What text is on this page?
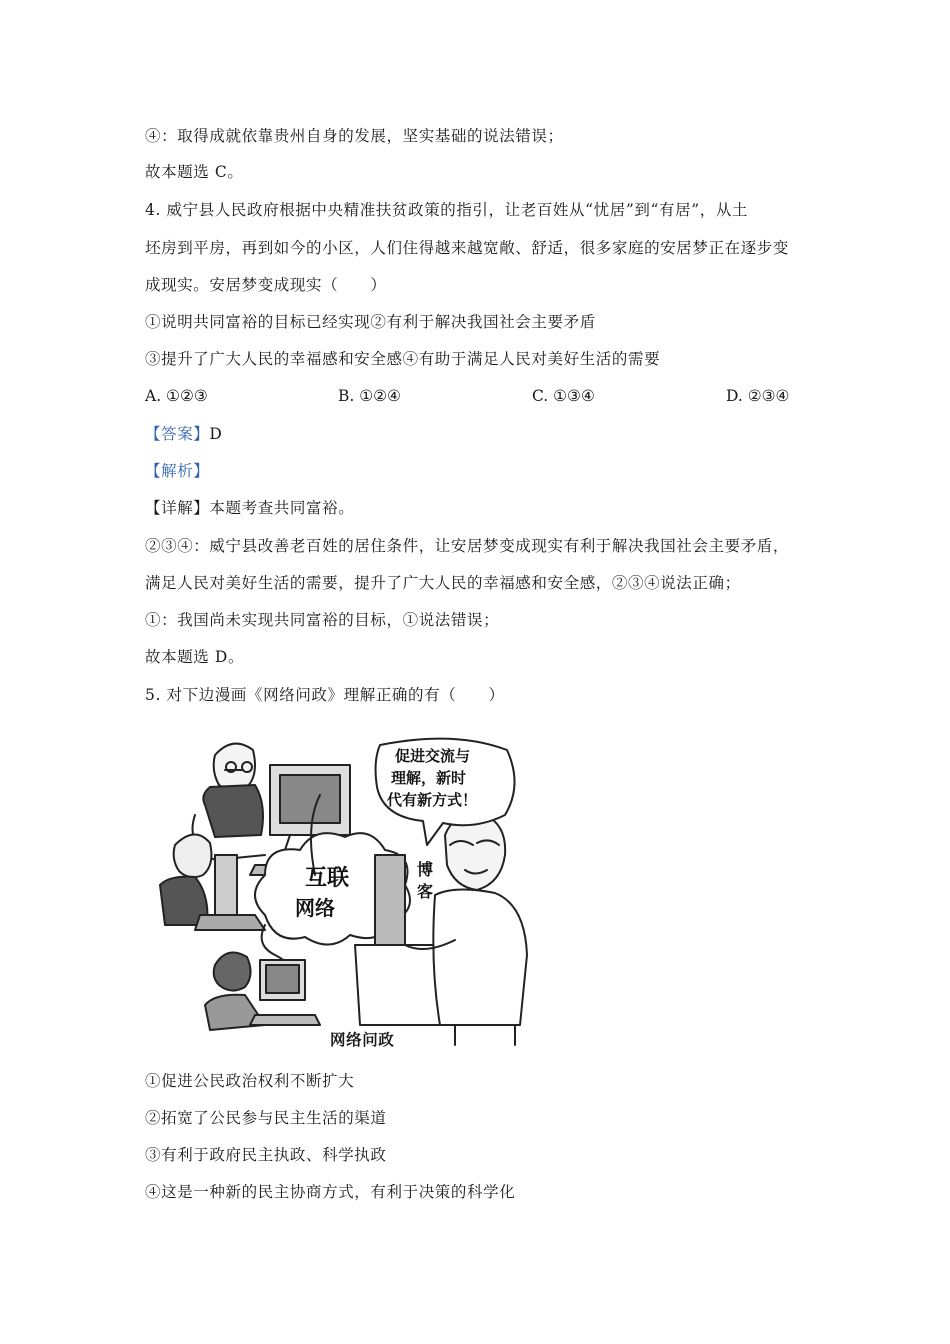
④：取得成就依靠贵州自身的发展，坚实基础的说法错误；
故本题选 C。
4. 威宁县人民政府根据中央精准扶贫政策的指引，让老百姓从“忧居”到“有居”，从土
坯房到平房，再到如今的小区，人们住得越来越宽敞、舒适，很多家庭的安居梦正在逐步变
成现实。安居梦变成现实（　　）
①说明共同富裕的目标已经实现②有利于解决我国社会主要矛盾
③提升了广大人民的幸福感和安全感④有助于满足人民对美好生活的需要
A. ①②③	B. ①②④	C. ①③④	D. ②③④
【答案】D
【解析】
【详解】本题考查共同富裕。
②③④：威宁县改善老百姓的居住条件，让安居梦变成现实有利于解决我国社会主要矛盾，
满足人民对美好生活的需要，提升了广大人民的幸福感和安全感，②③④说法正确；
①：我国尚未实现共同富裕的目标，①说法错误；
故本题选 D。
5. 对下边漫画《网络问政》理解正确的有（　　）
促进交流与
理解，新时
代有新方式！
互联
网络
博
客
网络问政
①促进公民政治权利不断扩大
②拓宽了公民参与民主生活的渠道
③有利于政府民主执政、科学执政
④这是一种新的民主协商方式，有利于决策的科学化
